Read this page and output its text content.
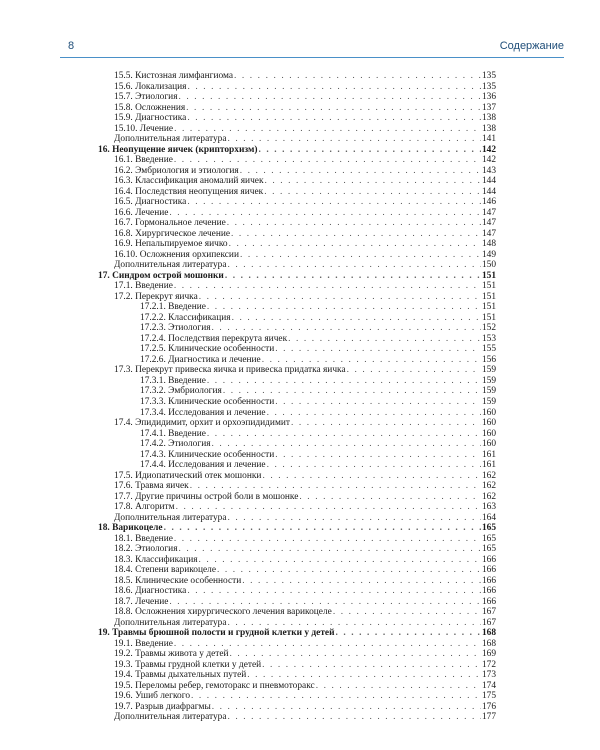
8	Содержание
15.5. Кистозная лимфангиома . . .	135
15.6. Локализация . . .	135
15.7. Этиология . . .	136
15.8. Осложнения . . .	137
15.9. Диагностика . . .	138
15.10. Лечение . . .	138
Дополнительная литература . . .	141
16. Неопущение яичек (крипторхизм) . . .	142
16.1. Введение . . .	142
16.2. Эмбриология и этиология . . .	143
16.3. Классификация аномалий яичек . . .	144
16.4. Последствия неопущения яичек . . .	144
16.5. Диагностика . . .	146
16.6. Лечение . . .	147
16.7. Гормональное лечение . . .	147
16.8. Хирургическое лечение . . .	147
16.9. Непальпируемое яичко . . .	148
16.10. Осложнения орхипексии . . .	149
Дополнительная литература . . .	150
17. Синдром острой мошонки . . .	151
17.1. Введение . . .	151
17.2. Перекрут яичка . . .	151
17.2.1. Введение . . .	151
17.2.2. Классификация . . .	151
17.2.3. Этиология . . .	152
17.2.4. Последствия перекрута яичек . . .	153
17.2.5. Клинические особенности . . .	155
17.2.6. Диагностика и лечение . . .	156
17.3. Перекрут привеска яичка и привеска придатка яичка . . .	159
17.3.1. Введение . . .	159
17.3.2. Эмбриология . . .	159
17.3.3. Клинические особенности . . .	159
17.3.4. Исследования и лечение . . .	160
17.4. Эпидидимит, орхит и орхоэпидидимит . . .	160
17.4.1. Введение . . .	160
17.4.2. Этиология . . .	160
17.4.3. Клинические особенности . . .	161
17.4.4. Исследования и лечение . . .	161
17.5. Идиопатический отек мошонки . . .	162
17.6. Травма яичек . . .	162
17.7. Другие причины острой боли в мошонке . . .	162
17.8. Алгоритм . . .	163
Дополнительная литература . . .	164
18. Варикоцеле . . .	165
18.1. Введение . . .	165
18.2. Этиология . . .	165
18.3. Классификация . . .	166
18.4. Степени варикоцеле . . .	166
18.5. Клинические особенности . . .	166
18.6. Диагностика . . .	166
18.7. Лечение . . .	166
18.8. Осложнения хирургического лечения варикоцеле . . .	167
Дополнительная литература . . .	167
19. Травмы брюшной полости и грудной клетки у детей . . .	168
19.1. Введение . . .	168
19.2. Травмы живота у детей . . .	169
19.3. Травмы грудной клетки у детей . . .	172
19.4. Травмы дыхательных путей . . .	173
19.5. Переломы ребер, гемоторакс и пневмоторакс . . .	174
19.6. Ушиб легкого . . .	175
19.7. Разрыв диафрагмы . . .	176
Дополнительная литература . . .	177
